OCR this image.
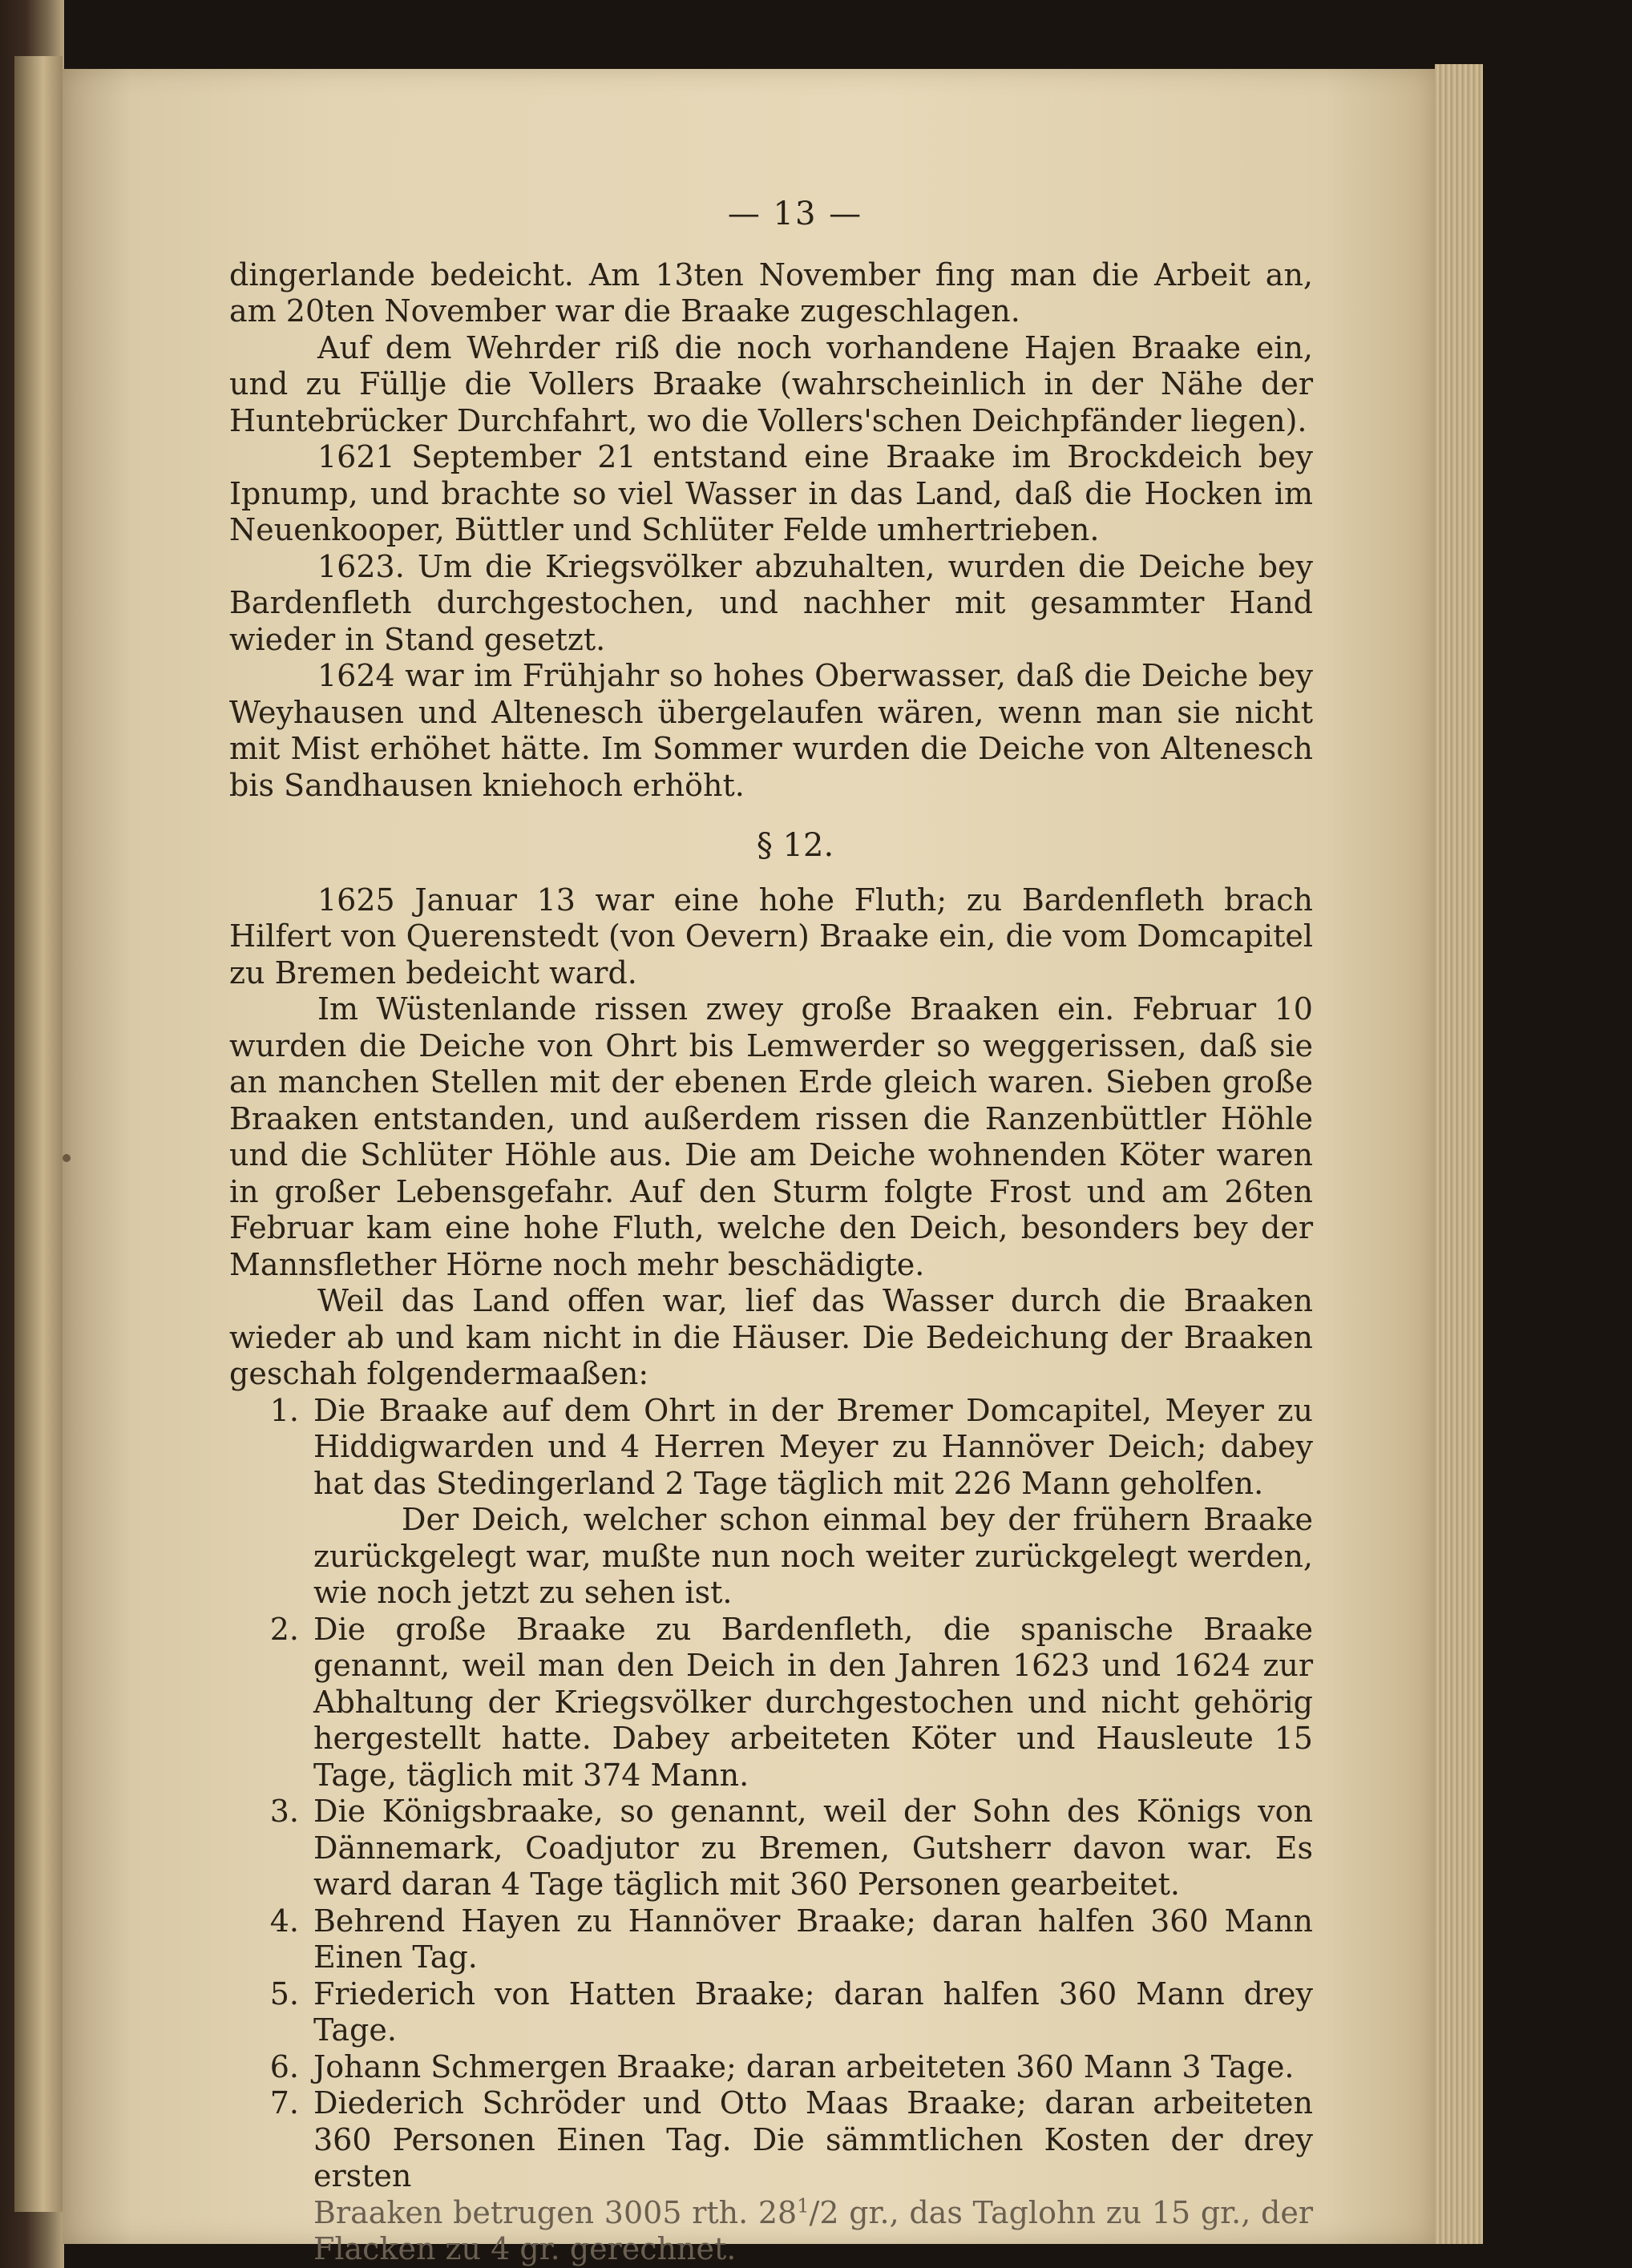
— 13 —

dingerlande bedeicht. Am 13ten November fing man die Arbeit an, am 20ten November war die Braake zugeschlagen.

Auf dem Wehrder riß die noch vorhandene Hajen Braake ein, und zu Füllje die Vollers Braake (wahrscheinlich in der Nähe der Huntebrücker Durchfahrt, wo die Vollers'schen Deichpfänder liegen).

1621 September 21 entstand eine Braake im Brockdeich bey Ipnump, und brachte so viel Wasser in das Land, daß die Hocken im Neuenkooper, Büttler und Schlüter Felde umhertrieben.

1623. Um die Kriegsvölker abzuhalten, wurden die Deiche bey Bardenfleth durchgestochen, und nachher mit gesammter Hand wieder in Stand gesetzt.

1624 war im Frühjahr so hohes Oberwasser, daß die Deiche bey Weyhausen und Altenesch übergelaufen wären, wenn man sie nicht mit Mist erhöhet hätte. Im Sommer wurden die Deiche von Altenesch bis Sandhausen kniehoch erhöht.

§ 12.

1625 Januar 13 war eine hohe Fluth; zu Bardenfleth brach Hilfert von Querenstedt (von Oevern) Braake ein, die vom Domcapitel zu Bremen bedeicht ward.

Im Wüstenlande rissen zwey große Braaken ein. Februar 10 wurden die Deiche von Ohrt bis Lemwerder so weggerissen, daß sie an manchen Stellen mit der ebenen Erde gleich waren. Sieben große Braaken entstanden, und außerdem rissen die Ranzenbüttler Höhle und die Schlüter Höhle aus. Die am Deiche wohnenden Köter waren in großer Lebensgefahr. Auf den Sturm folgte Frost und am 26ten Februar kam eine hohe Fluth, welche den Deich, besonders bey der Mannsflether Hörne noch mehr beschädigte.

Weil das Land offen war, lief das Wasser durch die Braaken wieder ab und kam nicht in die Häuser. Die Bedeichung der Braaken geschah folgendermaaßen:

1. Die Braake auf dem Ohrt in der Bremer Domcapitel, Meyer zu Hiddigwarden und 4 Herren Meyer zu Hannöver Deich; dabey hat das Stedingerland 2 Tage täglich mit 226 Mann geholfen.

Der Deich, welcher schon einmal bey der frühern Braake zurückgelegt war, mußte nun noch weiter zurückgelegt werden, wie noch jetzt zu sehen ist.

2. Die große Braake zu Bardenfleth, die spanische Braake genannt, weil man den Deich in den Jahren 1623 und 1624 zur Abhaltung der Kriegsvölker durchgestochen und nicht gehörig hergestellt hatte. Dabey arbeiteten Köter und Hausleute 15 Tage, täglich mit 374 Mann.
3. Die Königsbraake, so genannt, weil der Sohn des Königs von Dännemark, Coadjutor zu Bremen, Gutsherr davon war. Es ward daran 4 Tage täglich mit 360 Personen gearbeitet.
4. Behrend Hayen zu Hannöver Braake; daran halfen 360 Mann Einen Tag.
5. Friederich von Hatten Braake; daran halfen 360 Mann drey Tage.
6. Johann Schmergen Braake; daran arbeiteten 360 Mann 3 Tage.
7. Diederich Schröder und Otto Maas Braake; daran arbeiteten 360 Personen Einen Tag. Die sämmtlichen Kosten der drey ersten
Braaken betrugen 3005 rth. $28^1/2$ gr., das Taglohn zu 15 gr., der Flacken zu 4 gr. gerechnet.
